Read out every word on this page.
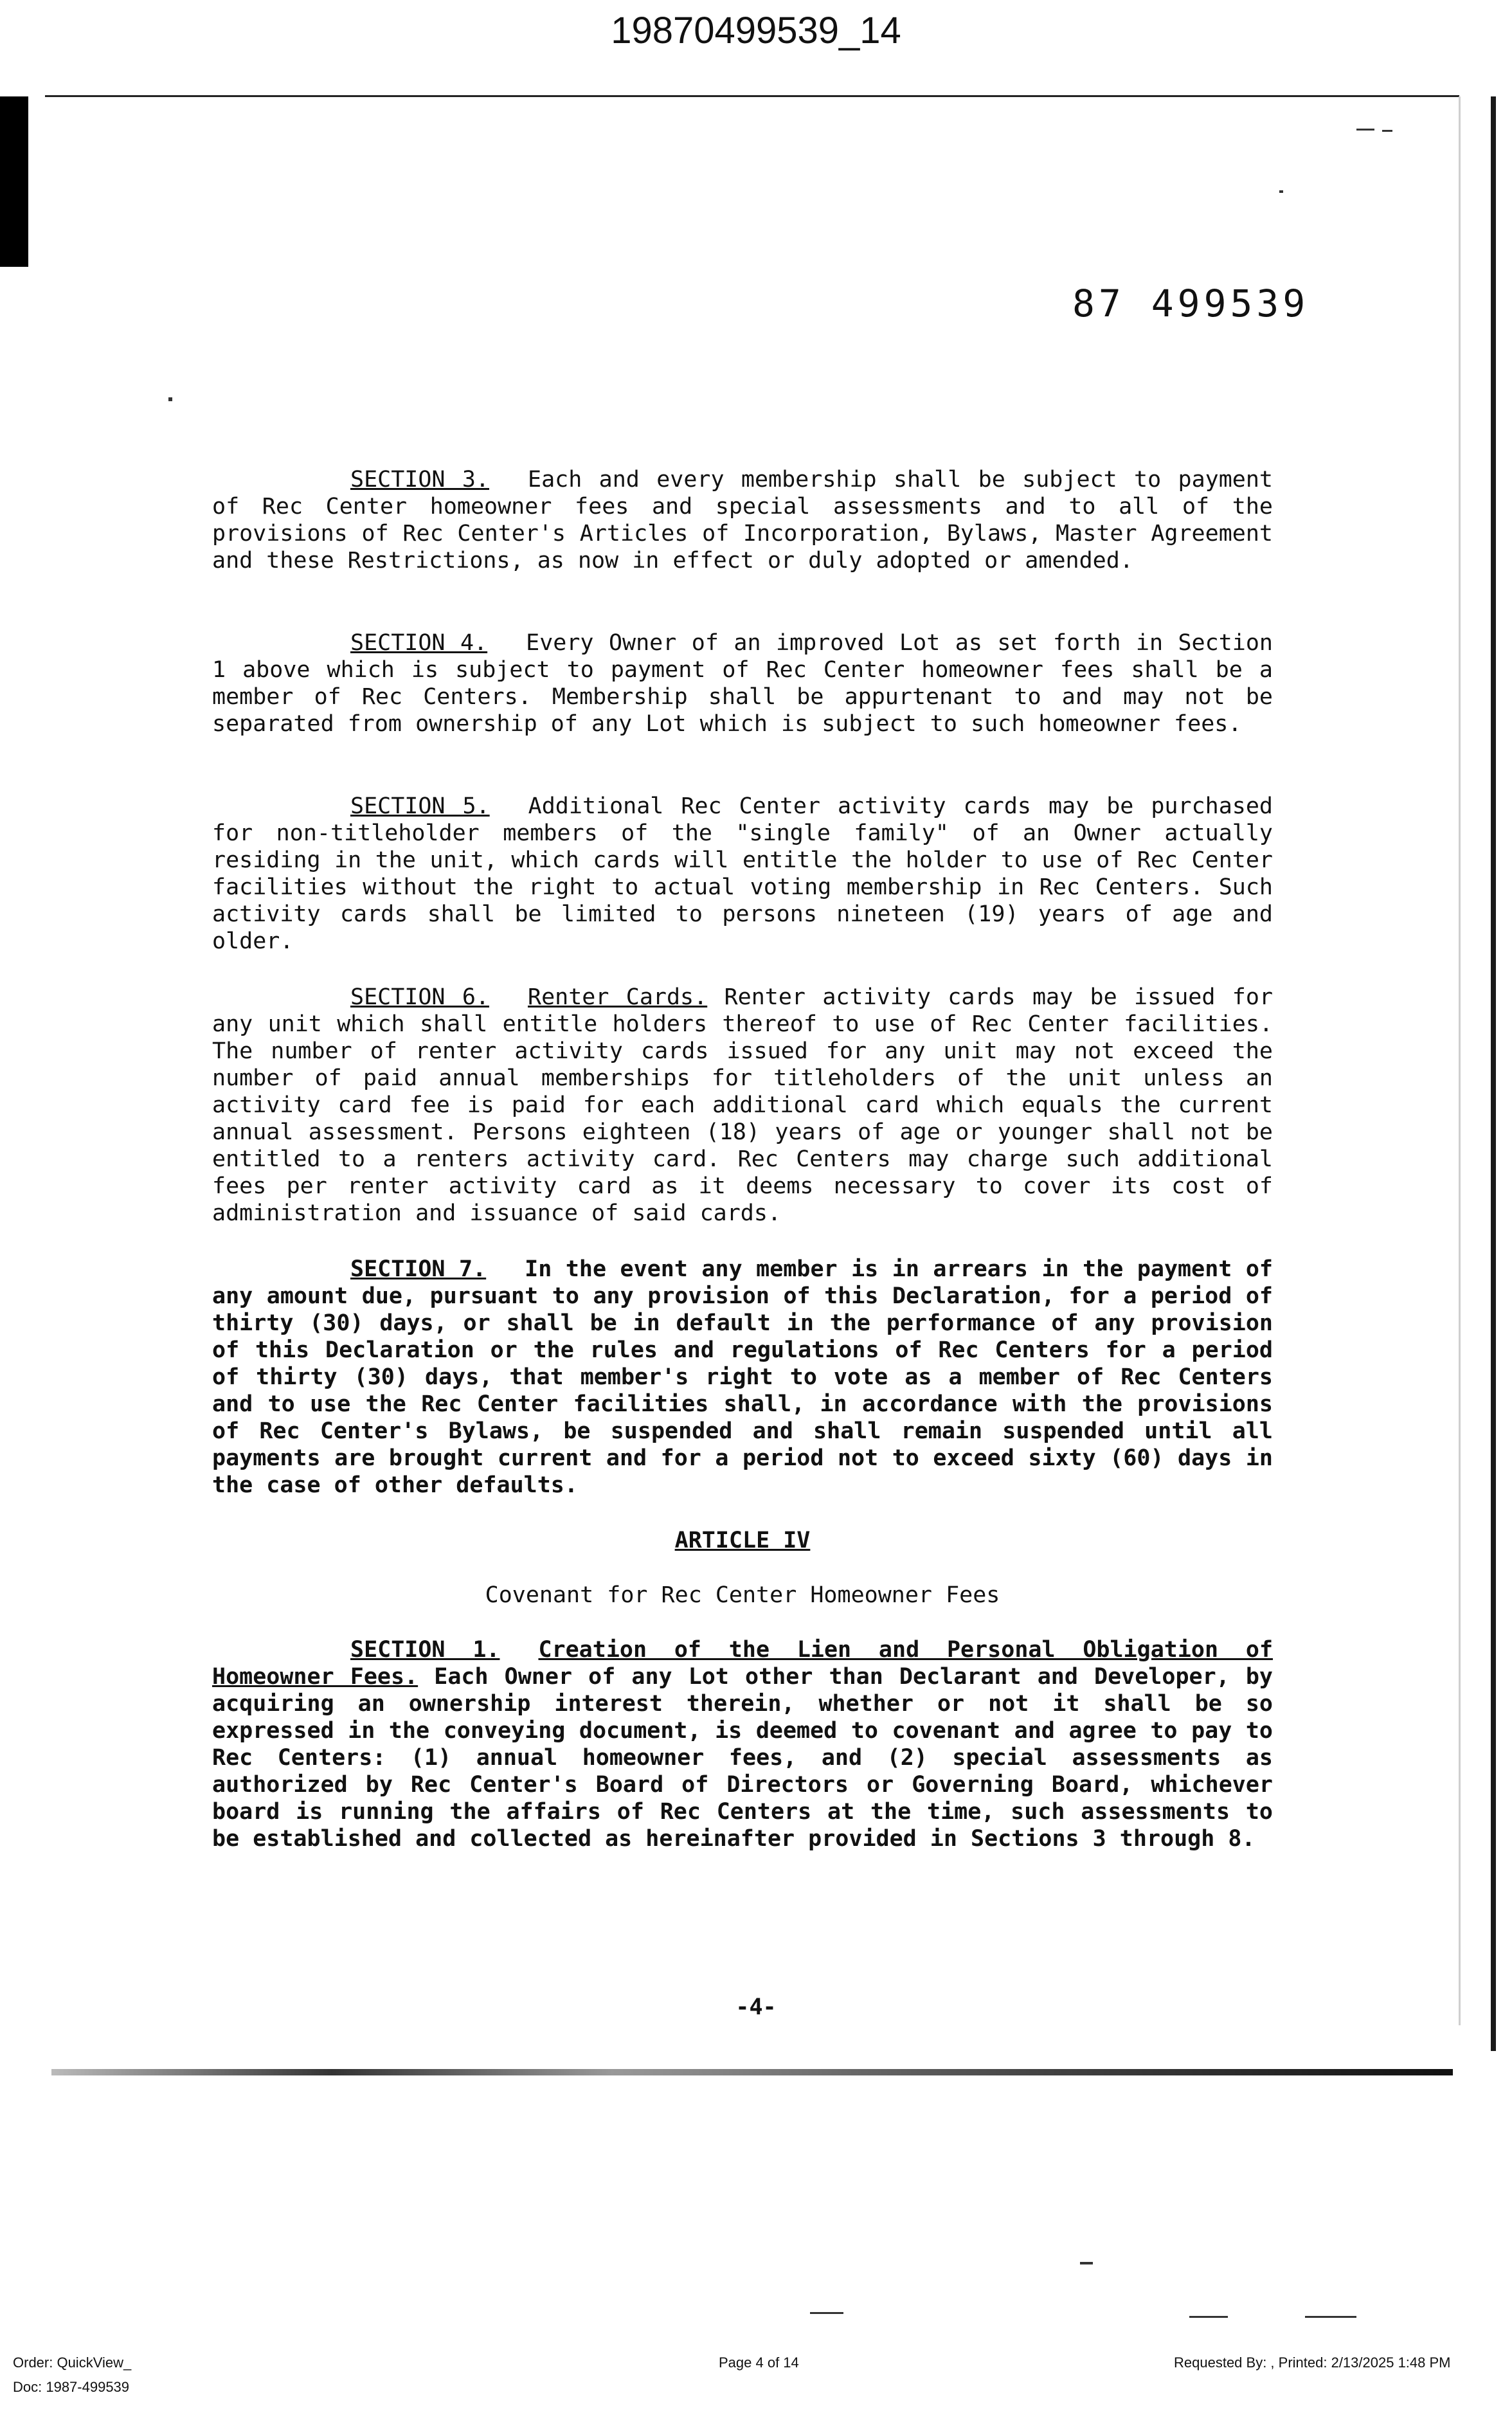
19870499539_14
87 499539

SECTION 3. Each and every membership shall be subject to payment of Rec Center homeowner fees and special assessments and to all of the provisions of Rec Center's Articles of Incorporation, Bylaws, Master Agreement and these Restrictions, as now in effect or duly adopted or amended.

SECTION 4. Every Owner of an improved Lot as set forth in Section 1 above which is subject to payment of Rec Center homeowner fees shall be a member of Rec Centers. Membership shall be appurtenant to and may not be separated from ownership of any Lot which is subject to such homeowner fees.

SECTION 5. Additional Rec Center activity cards may be purchased for non-titleholder members of the "single family" of an Owner actually residing in the unit, which cards will entitle the holder to use of Rec Center facilities without the right to actual voting membership in Rec Centers. Such activity cards shall be limited to persons nineteen (19) years of age and older.

SECTION 6. Renter Cards. Renter activity cards may be issued for any unit which shall entitle holders thereof to use of Rec Center facilities. The number of renter activity cards issued for any unit may not exceed the number of paid annual memberships for titleholders of the unit unless an activity card fee is paid for each additional card which equals the current annual assessment. Persons eighteen (18) years of age or younger shall not be entitled to a renters activity card. Rec Centers may charge such additional fees per renter activity card as it deems necessary to cover its cost of administration and issuance of said cards.

SECTION 7. In the event any member is in arrears in the payment of any amount due, pursuant to any provision of this Declaration, for a period of thirty (30) days, or shall be in default in the performance of any provision of this Declaration or the rules and regulations of Rec Centers for a period of thirty (30) days, that member's right to vote as a member of Rec Centers and to use the Rec Center facilities shall, in accordance with the provisions of Rec Center's Bylaws, be suspended and shall remain suspended until all payments are brought current and for a period not to exceed sixty (60) days in the case of other defaults.

ARTICLE IV

Covenant for Rec Center Homeowner Fees

SECTION 1. Creation of the Lien and Personal Obligation of Homeowner Fees. Each Owner of any Lot other than Declarant and Developer, by acquiring an ownership interest therein, whether or not it shall be so expressed in the conveying document, is deemed to covenant and agree to pay to Rec Centers: (1) annual homeowner fees, and (2) special assessments as authorized by Rec Center's Board of Directors or Governing Board, whichever board is running the affairs of Rec Centers at the time, such assessments to be established and collected as hereinafter provided in Sections 3 through 8.

-4-
Order: QuickView_
Doc: 1987-499539
Page 4 of 14	Requested By: , Printed: 2/13/2025 1:48 PM
